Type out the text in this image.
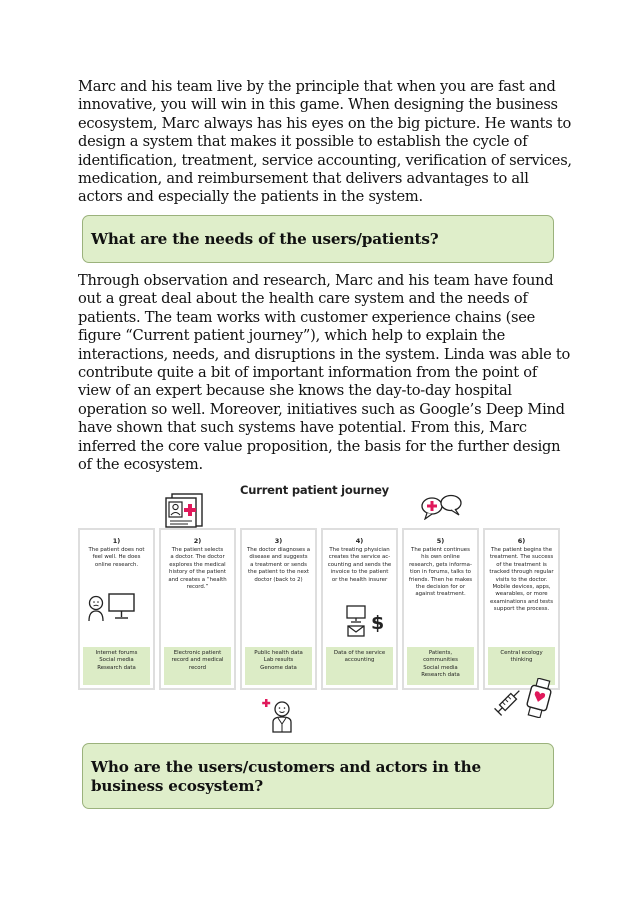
Marc and his team live by the principle that when you are fast and
innovative, you will win in this game. When designing the business
ecosystem, Marc always has his eyes on the big picture. He wants to
design a system that makes it possible to establish the cycle of
identification, treatment, service accounting, verification of services,
medication, and reimbursement that delivers advantages to all
actors and especially the patients in the system.
What are the needs of the users/patients?
Through observation and research, Marc and his team have found
out a great deal about the health care system and the needs of
patients. The team works with customer experience chains (see
figure “Current patient journey”), which help to explain the
interactions, needs, and disruptions in the system. Linda was able to
contribute quite a bit of important information from the point of
view of an expert because she knows the day-to-day hospital
operation so well. Moreover, initiatives such as Google’s Deep Mind
have shown that such systems have potential. From this, Marc
inferred the core value proposition, the basis for the further design
of the ecosystem.
Current patient journey
1)
The patient does not
feel well. He does
online research.
Internet forums
Social media
Research data
2)
The patient selects
a doctor. The doctor
explores the medical
history of the patient
and creates a “health
record.”
Electronic patient
record and medical
record
3)
The doctor diagnoses a
disease and suggests
a treatment or sends
the patient to the next
doctor (back to 2)
Public health data
Lab results
Genome data
4)
The treating physician
creates the service ac-
counting and sends the
invoice to the patient
or the health insurer
Data of the service
accounting
5)
The patient continues
his own online
research, gets informa-
tion in forums, talks to
friends. Then he makes
the decision for or
against treatment.
Patients,
communities
Social media
Research data
6)
The patient begins the
treatment. The success
of the treatment is
tracked through regular
visits to the doctor.
Mobile devices, apps,
wearables, or more
examinations and tests
support the process.
Central ecology
thinking
$
Who are the users/customers and actors in the
business ecosystem?
